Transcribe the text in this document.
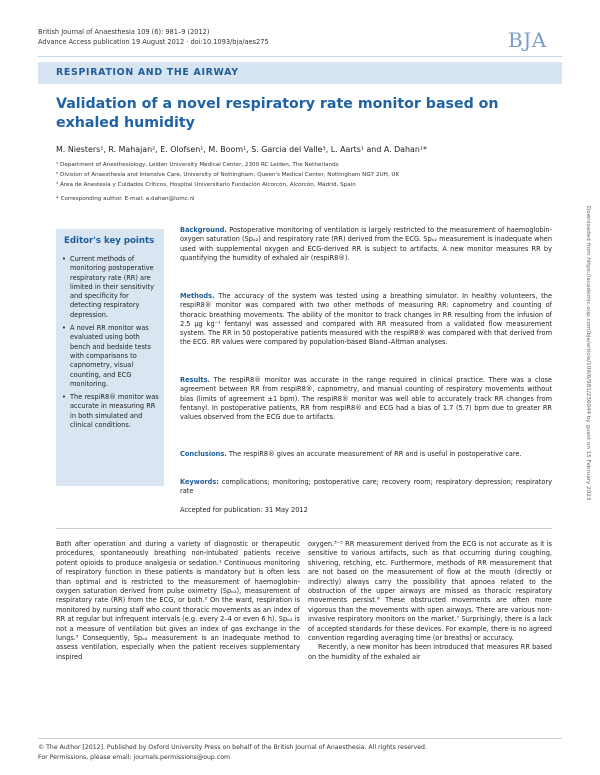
British Journal of Anaesthesia 109 (6): 981–9 (2012)
Advance Access publication 19 August 2012 · doi:10.1093/bja/aes275	BJA
RESPIRATION AND THE AIRWAY
Validation of a novel respiratory rate monitor based on exhaled humidity
M. Niesters¹, R. Mahajan², E. Olofsen¹, M. Boom¹, S. Garcia del Valle³, L. Aarts¹ and A. Dahan¹*
¹ Department of Anesthesiology, Leiden University Medical Center, 2300 RC Leiden, The Netherlands
² Division of Anaesthesia and Intensive Care, University of Nottingham, Queen's Medical Center, Nottingham NG7 2UH, UK
³ Área de Anestesia y Cuidados Críticos, Hospital Universitario Fundación Alcorcón, Alcorcón, Madrid, Spain
* Corresponding author. E-mail: a.dahan@lumc.nl
Editor's key points
• Current methods of monitoring postoperative respiratory rate (RR) are limited in their sensitivity and specificity for detecting respiratory depression.
• A novel RR monitor was evaluated using both bench and bedside tests with comparisons to capnometry, visual counting, and ECG monitoring.
• The respiR8® monitor was accurate in measuring RR in both simulated and clinical conditions.
Background. Postoperative monitoring of ventilation is largely restricted to the measurement of haemoglobin-oxygen saturation (Spₒ₂) and respiratory rate (RR) derived from the ECG. Spₒ₂ measurement is inadequate when used with supplemental oxygen and ECG-derived RR is subject to artifacts. A new monitor measures RR by quantifying the humidity of exhaled air (respiR8®).
Methods. The accuracy of the system was tested using a breathing simulator. In healthy volunteers, the respiR8® monitor was compared with two other methods of measuring RR: capnometry and counting of thoracic breathing movements. The ability of the monitor to track changes in RR resulting from the infusion of 2.5 μg kg⁻¹ fentanyl was assessed and compared with RR measured from a validated flow measurement system. The RR in 50 postoperative patients measured with the respiR8® was compared with that derived from the ECG. RR values were compared by population-based Bland–Altman analyses.
Results. The respiR8® monitor was accurate in the range required in clinical practice. There was a close agreement between RR from respiR8®, capnometry, and manual counting of respiratory movements without bias (limits of agreement ±1 bpm). The respiR8® monitor was well able to accurately track RR changes from fentanyl. In postoperative patients, RR from respiR8® and ECG had a bias of 1.7 (5.7) bpm due to greater RR values observed from the ECG due to artifacts.
Conclusions. The respiR8® gives an accurate measurement of RR and is useful in postoperative care.
Keywords: complications; monitoring; postoperative care; recovery room; respiratory depression; respiratory rate
Accepted for publication: 31 May 2012

Both after operation and during a variety of diagnostic or therapeutic procedures, spontaneously breathing non-intubated patients receive potent opioids to produce analgesia or sedation.¹ Continuous monitoring of respiratory function in these patients is mandatory but is often less than optimal and is restricted to the measurement of haemoglobin-oxygen saturation derived from pulse oximetry (Spₒ₂), measurement of respiratory rate (RR) from the ECG, or both.² On the ward, respiration is monitored by nursing staff who count thoracic movements as an index of RR at regular but infrequent intervals (e.g. every 2–4 or even 6 h). Spₒ₂ is not a measure of ventilation but gives an index of gas exchange in the lungs.³ Consequently, Spₒ₂ measurement is an inadequate method to assess ventilation, especially when the patient receives supplementary inspired

oxygen.³⁻⁵ RR measurement derived from the ECG is not accurate as it is sensitive to various artifacts, such as that occurring during coughing, shivering, retching, etc. Furthermore, methods of RR measurement that are not based on the measurement of flow at the mouth (directly or indirectly) always carry the possibility that apnoea related to the obstruction of the upper airways are missed as thoracic respiratory movements persist.⁶ These obstructed movements are often more vigorous than the movements with open airways. There are various non-invasive respiratory monitors on the market.⁷ Surprisingly, there is a lack of accepted standards for these devices. For example, there is no agreed convention regarding averaging time (or breaths) or accuracy.

Recently, a new monitor has been introduced that measures RR based on the humidity of the exhaled air

© The Author [2012]. Published by Oxford University Press on behalf of the British Journal of Anaesthesia. All rights reserved.
For Permissions, please email: journals.permissions@oup.com
Downloaded from https://academic.oup.com/bja/article/109/6/981/236044 by guest on 15 February 2023
